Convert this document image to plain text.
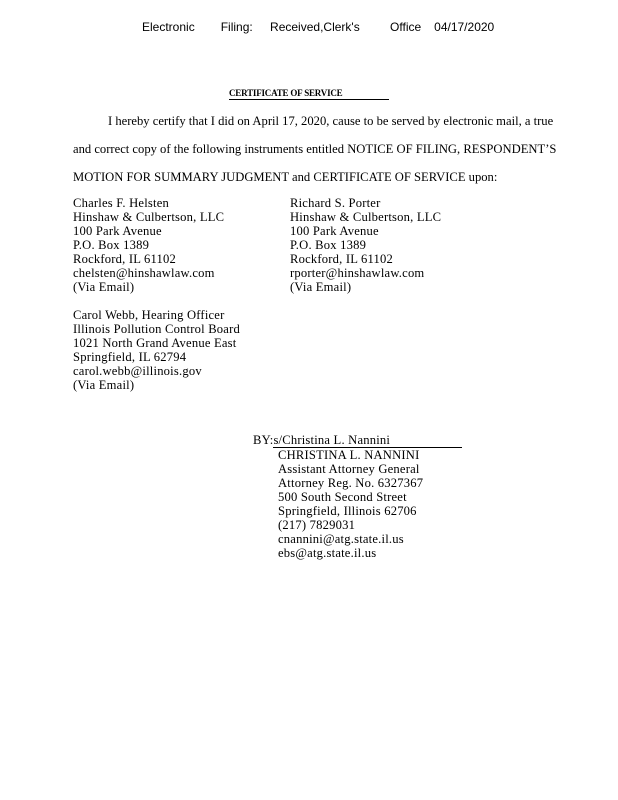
Electronic      Filing:    Received,Clerk's       Office   04/17/2020
CERTIFICATE OF SERVICE
I hereby certify that I did on April 17, 2020, cause to be served by electronic mail, a true
and correct copy of the following instruments entitled NOTICE OF FILING, RESPONDENT’S
MOTION FOR SUMMARY JUDGMENT and CERTIFICATE OF SERVICE upon:
Charles F. Helsten
Hinshaw & Culbertson, LLC
100 Park Avenue
P.O. Box 1389
Rockford, IL 61102
chelsten@hinshawlaw.com
(Via Email)
Richard S. Porter
Hinshaw & Culbertson, LLC
100 Park Avenue
P.O. Box 1389
Rockford, IL 61102
rporter@hinshawlaw.com
(Via Email)
Carol Webb, Hearing Officer
Illinois Pollution Control Board
1021 North Grand Avenue East
Springfield, IL 62794
carol.webb@illinois.gov
(Via Email)
BY:s/Christina L. Nannini
CHRISTINA L. NANNINI
Assistant Attorney General
Attorney Reg. No. 6327367
500 South Second Street
Springfield, Illinois 62706
(217) 7829031
cnannini@atg.state.il.us
ebs@atg.state.il.us
